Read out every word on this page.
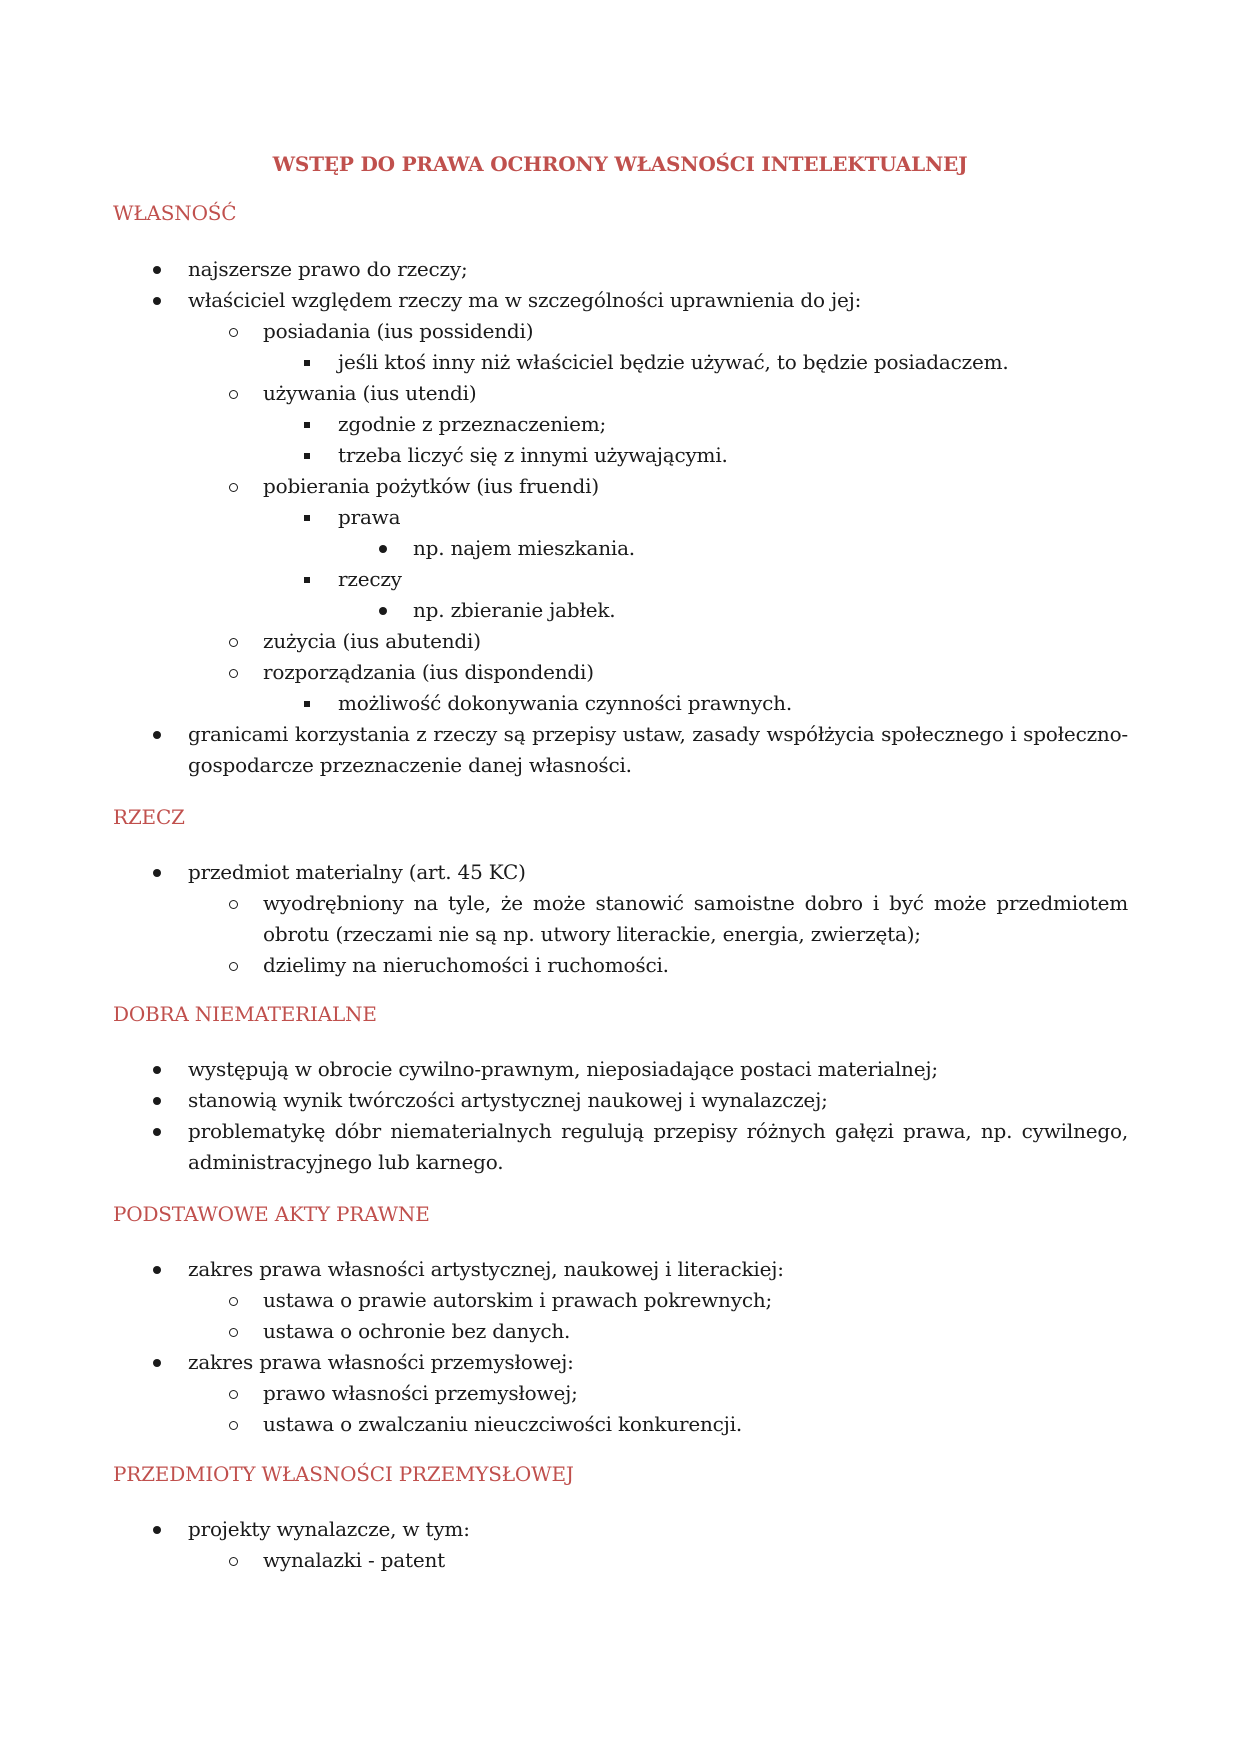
WSTĘP DO PRAWA OCHRONY WŁASNOŚCI INTELEKTUALNEJ
WŁASNOŚĆ
najszersze prawo do rzeczy;
właściciel względem rzeczy ma w szczególności uprawnienia do jej:
posiadania (ius possidendi)
jeśli ktoś inny niż właściciel będzie używać, to będzie posiadaczem.
używania (ius utendi)
zgodnie z przeznaczeniem;
trzeba liczyć się z innymi używającymi.
pobierania pożytków (ius fruendi)
prawa
np. najem mieszkania.
rzeczy
np. zbieranie jabłek.
zużycia (ius abutendi)
rozporządzania (ius dispondendi)
możliwość dokonywania czynności prawnych.
granicami korzystania z rzeczy są przepisy ustaw, zasady współżycia społecznego i społeczno-gospodarcze przeznaczenie danej własności.
RZECZ
przedmiot materialny (art. 45 KC)
wyodrębniony na tyle, że może stanowić samoistne dobro i być może przedmiotem obrotu (rzeczami nie są np. utwory literackie, energia, zwierzęta);
dzielimy na nieruchomości i ruchomości.
DOBRA NIEMATERIALNE
występują w obrocie cywilno-prawnym, nieposiadające postaci materialnej;
stanowią wynik twórczości artystycznej naukowej i wynalazczej;
problematykę dóbr niematerialnych regulują przepisy różnych gałęzi prawa, np. cywilnego, administracyjnego lub karnego.
PODSTAWOWE AKTY PRAWNE
zakres prawa własności artystycznej, naukowej i literackiej:
ustawa o prawie autorskim i prawach pokrewnych;
ustawa o ochronie bez danych.
zakres prawa własności przemysłowej:
prawo własności przemysłowej;
ustawa o zwalczaniu nieuczciwości konkurencji.
PRZEDMIOTY WŁASNOŚCI PRZEMYSŁOWEJ
projekty wynalazcze, w tym:
wynalazki - patent
